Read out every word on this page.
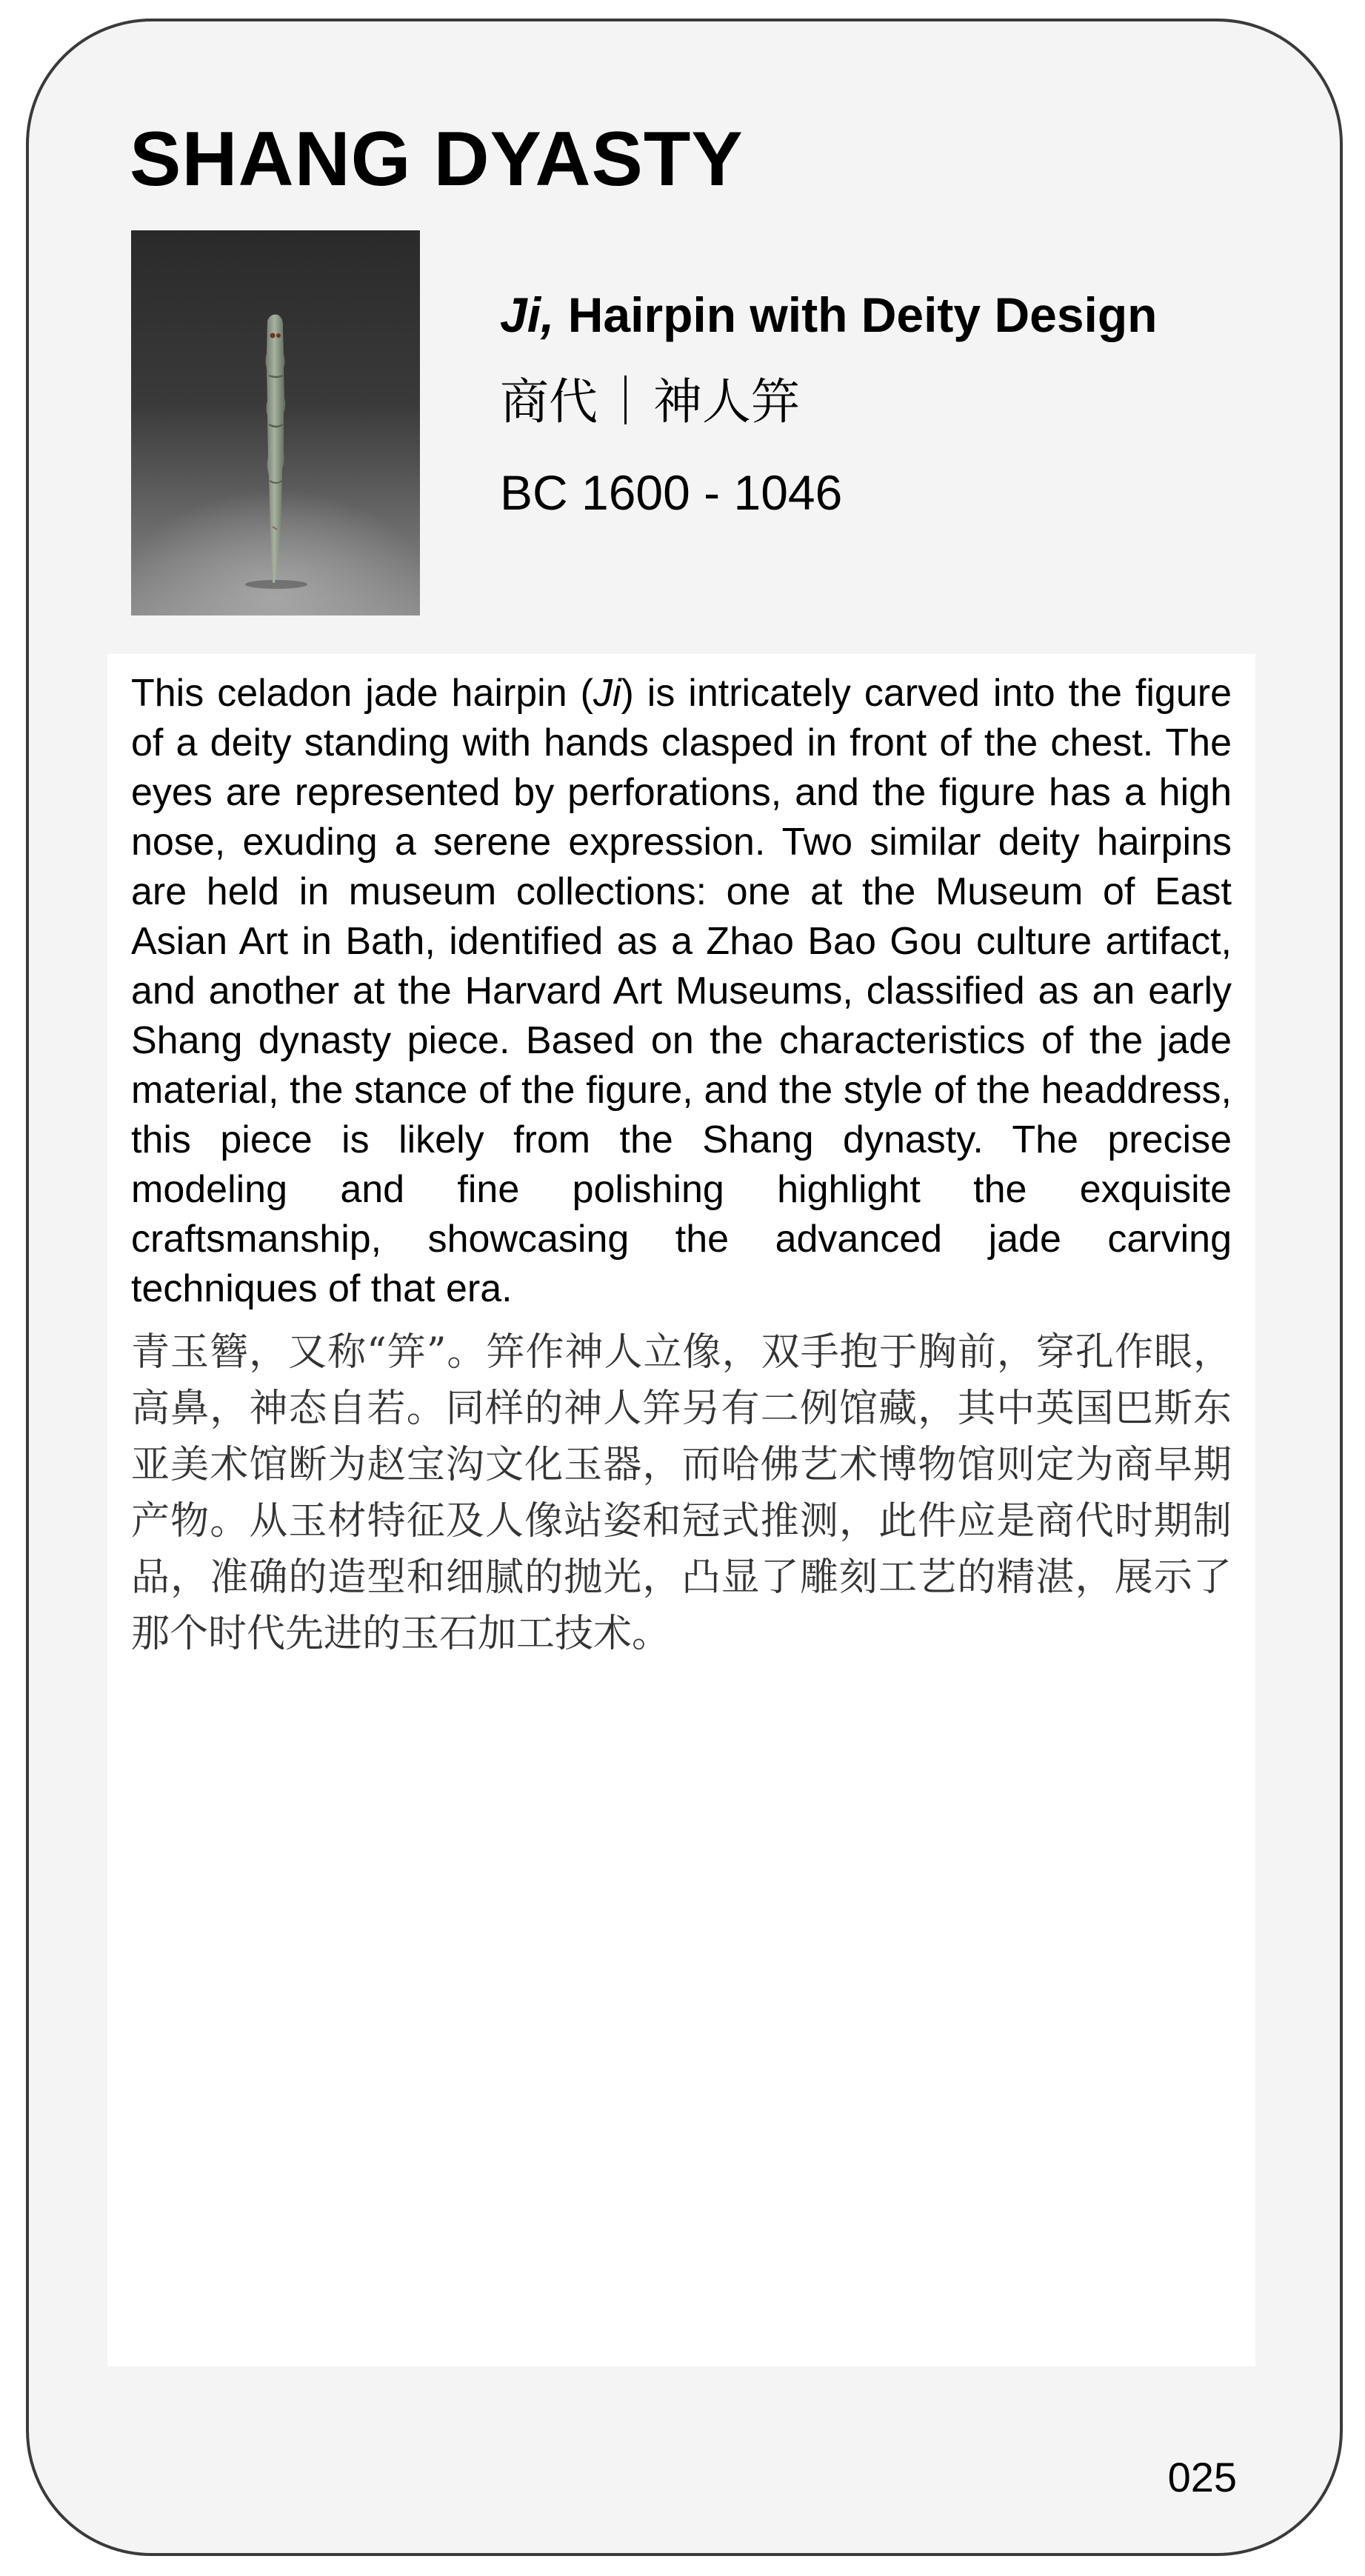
SHANG DYASTY
Ji, Hairpin with Deity Design
商代 神人笄
BC 1600 - 1046

This celadon jade hairpin (Ji) is intricately carved into the figure of a deity standing with hands clasped in front of the chest. The eyes are represented by perforations, and the figure has a high nose, exuding a serene expression. Two similar deity hairpins are held in museum collections: one at the Museum of East Asian Art in Bath, identified as a Zhao Bao Gou culture artifact, and another at the Harvard Art Museums, classified as an early Shang dynasty piece. Based on the characteristics of the jade material, the stance of the figure, and the style of the headdress, this piece is likely from the Shang dynasty. The precise modeling and fine polishing highlight the exquisite craftsmanship, showcasing the advanced jade carving techniques of that era.

青玉簪，又称“笄”。笄作神人立像，双手抱于胸前，穿孔作眼，高鼻，神态自若。同样的神人笄另有二例馆藏，其中英国巴斯东亚美术馆断为赵宝沟文化玉器，而哈佛艺术博物馆则定为商早期产物。从玉材特征及人像站姿和冠式推测，此件应是商代时期制品，准确的造型和细腻的抛光，凸显了雕刻工艺的精湛，展示了那个时代先进的玉石加工技术。

025
